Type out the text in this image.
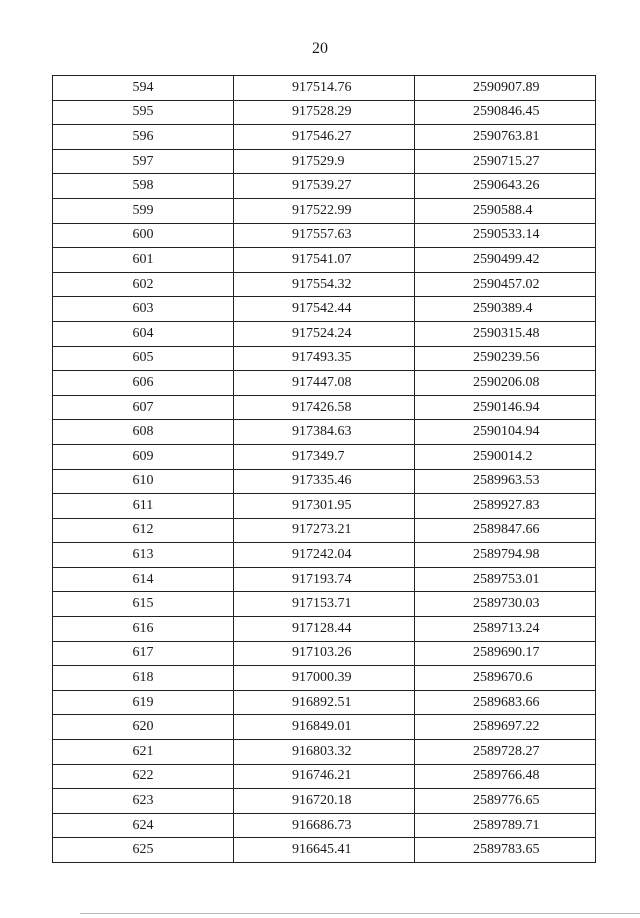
20
594	917514.76	2590907.89
595	917528.29	2590846.45
596	917546.27	2590763.81
597	917529.9	2590715.27
598	917539.27	2590643.26
599	917522.99	2590588.4
600	917557.63	2590533.14
601	917541.07	2590499.42
602	917554.32	2590457.02
603	917542.44	2590389.4
604	917524.24	2590315.48
605	917493.35	2590239.56
606	917447.08	2590206.08
607	917426.58	2590146.94
608	917384.63	2590104.94
609	917349.7	2590014.2
610	917335.46	2589963.53
611	917301.95	2589927.83
612	917273.21	2589847.66
613	917242.04	2589794.98
614	917193.74	2589753.01
615	917153.71	2589730.03
616	917128.44	2589713.24
617	917103.26	2589690.17
618	917000.39	2589670.6
619	916892.51	2589683.66
620	916849.01	2589697.22
621	916803.32	2589728.27
622	916746.21	2589766.48
623	916720.18	2589776.65
624	916686.73	2589789.71
625	916645.41	2589783.65
